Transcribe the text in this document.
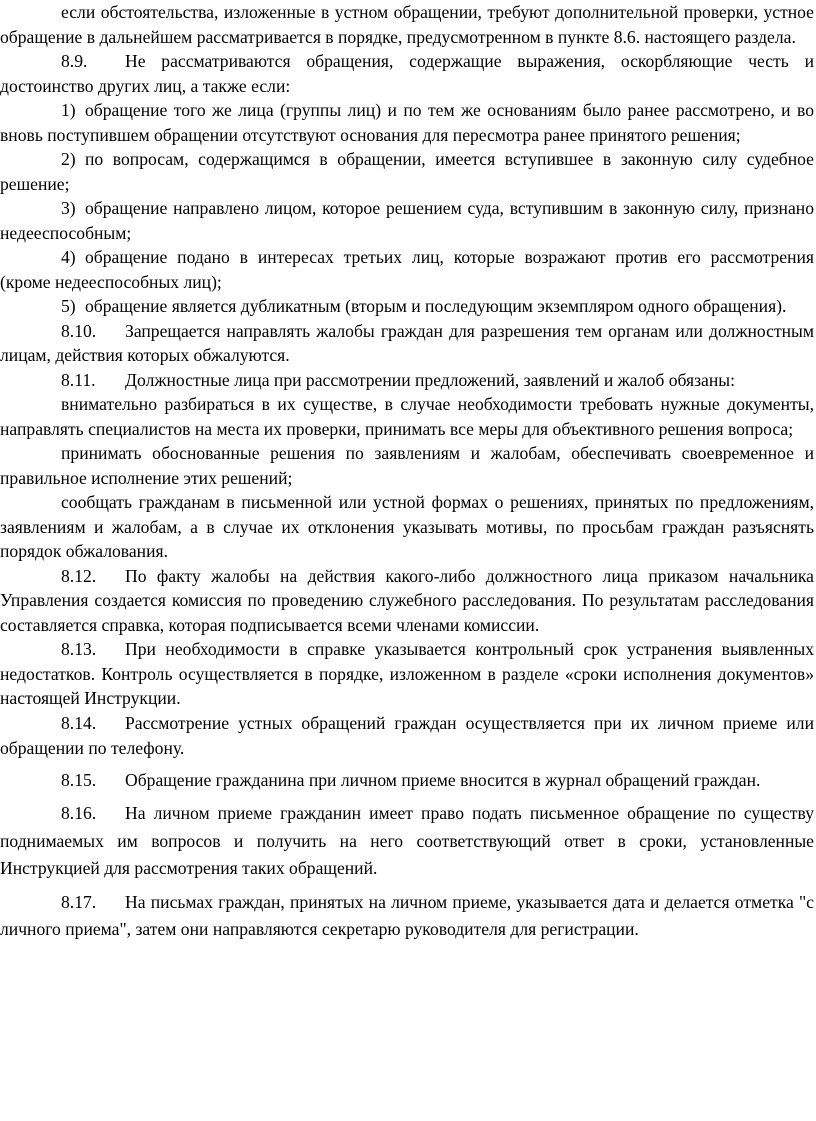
если обстоятельства, изложенные в устном обращении, требуют дополнительной проверки, устное обращение в дальнейшем рассматривается в порядке, предусмотренном в пункте 8.6. настоящего раздела.

8.9. Не рассматриваются обращения, содержащие выражения, оскорбляющие честь и достоинство других лиц, а также если:

1) обращение того же лица (группы лиц) и по тем же основаниям было ранее рассмотрено, и во вновь поступившем обращении отсутствуют основания для пересмотра ранее принятого решения;

2) по вопросам, содержащимся в обращении, имеется вступившее в законную силу судебное решение;

3) обращение направлено лицом, которое решением суда, вступившим в законную силу, признано недееспособным;

4) обращение подано в интересах третьих лиц, которые возражают против его рассмотрения (кроме недееспособных лиц);

5) обращение является дубликатным (вторым и последующим экземпляром одного обращения).

8.10. Запрещается направлять жалобы граждан для разрешения тем органам или должностным лицам, действия которых обжалуются.

8.11. Должностные лица при рассмотрении предложений, заявлений и жалоб обязаны:

внимательно разбираться в их существе, в случае необходимости требовать нужные документы, направлять специалистов на места их проверки, принимать все меры для объективного решения вопроса;

принимать обоснованные решения по заявлениям и жалобам, обеспечивать своевременное и правильное исполнение этих решений;

сообщать гражданам в письменной или устной формах о решениях, принятых по предложениям, заявлениям и жалобам, а в случае их отклонения указывать мотивы, по просьбам граждан разъяснять порядок обжалования.

8.12. По факту жалобы на действия какого-либо должностного лица приказом начальника Управления создается комиссия по проведению служебного расследования. По результатам расследования составляется справка, которая подписывается всеми членами комиссии.

8.13. При необходимости в справке указывается контрольный срок устранения выявленных недостатков. Контроль осуществляется в порядке, изложенном в разделе «сроки исполнения документов» настоящей Инструкции.

8.14. Рассмотрение устных обращений граждан осуществляется при их личном приеме или обращении по телефону.

8.15. Обращение гражданина при личном приеме вносится в журнал обращений граждан.

8.16. На личном приеме гражданин имеет право подать письменное обращение по существу поднимаемых им вопросов и получить на него соответствующий ответ в сроки, установленные Инструкцией для рассмотрения таких обращений.

8.17. На письмах граждан, принятых на личном приеме, указывается дата и делается отметка "с личного приема", затем они направляются секретарю руководителя для регистрации.
